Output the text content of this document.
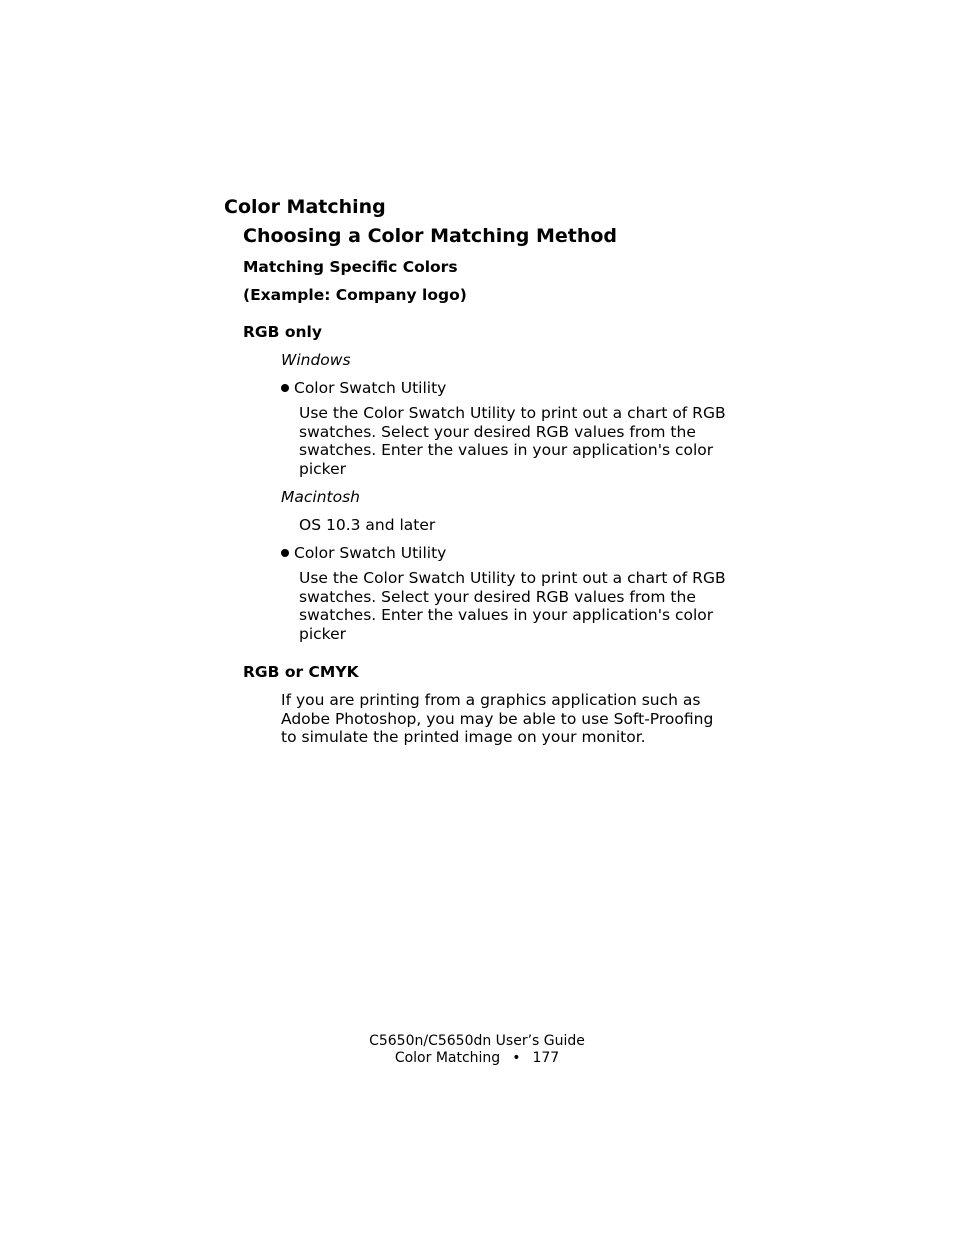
Color Matching
Choosing a Color Matching Method
Matching Specific Colors
(Example: Company logo)
RGB only
Windows
Color Swatch Utility
Use the Color Swatch Utility to print out a chart of RGB
swatches. Select your desired RGB values from the
swatches. Enter the values in your application's color
picker
Macintosh
OS 10.3 and later
Color Swatch Utility
Use the Color Swatch Utility to print out a chart of RGB
swatches. Select your desired RGB values from the
swatches. Enter the values in your application's color
picker
RGB or CMYK
If you are printing from a graphics application such as
Adobe Photoshop, you may be able to use Soft-Proofing
to simulate the printed image on your monitor.
C5650n/C5650dn User’s Guide
Color Matching • 177
